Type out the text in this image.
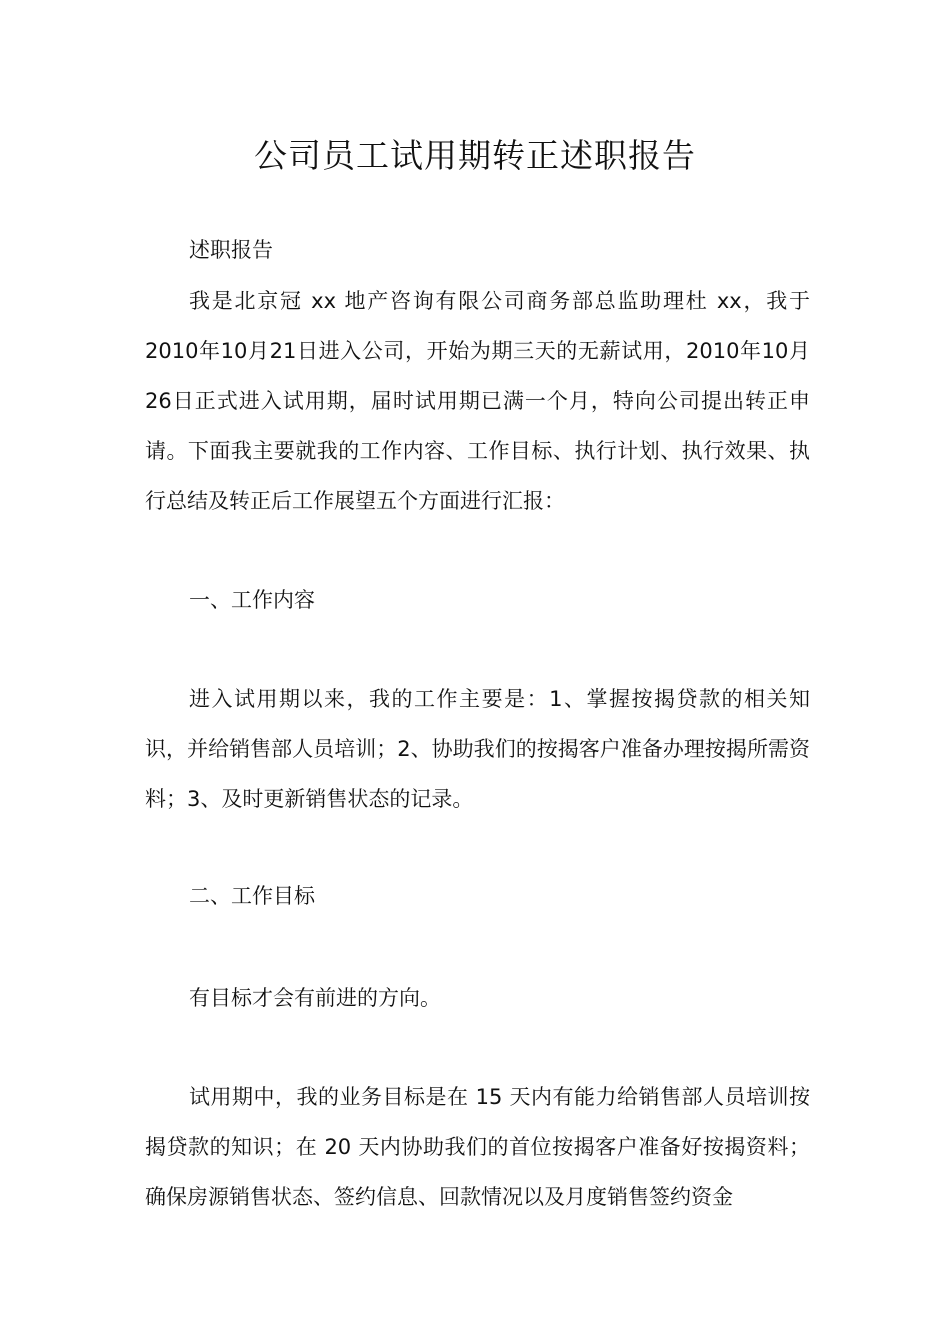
公司员工试用期转正述职报告
述职报告
我是北京冠 xx 地产咨询有限公司商务部总监助理杜 xx，我于 2010年10月21日进入公司，开始为期三天的无薪试用，2010年10月26日正式进入试用期，届时试用期已满一个月，特向公司提出转正申请。下面我主要就我的工作内容、工作目标、执行计划、执行效果、执行总结及转正后工作展望五个方面进行汇报：
一、工作内容
进入试用期以来，我的工作主要是：1、掌握按揭贷款的相关知识，并给销售部人员培训；2、协助我们的按揭客户准备办理按揭所需资料；3、及时更新销售状态的记录。
二、工作目标
有目标才会有前进的方向。
试用期中，我的业务目标是在 15 天内有能力给销售部人员培训按揭贷款的知识；在 20 天内协助我们的首位按揭客户准备好按揭资料；确保房源销售状态、签约信息、回款情况以及月度销售签约资金
